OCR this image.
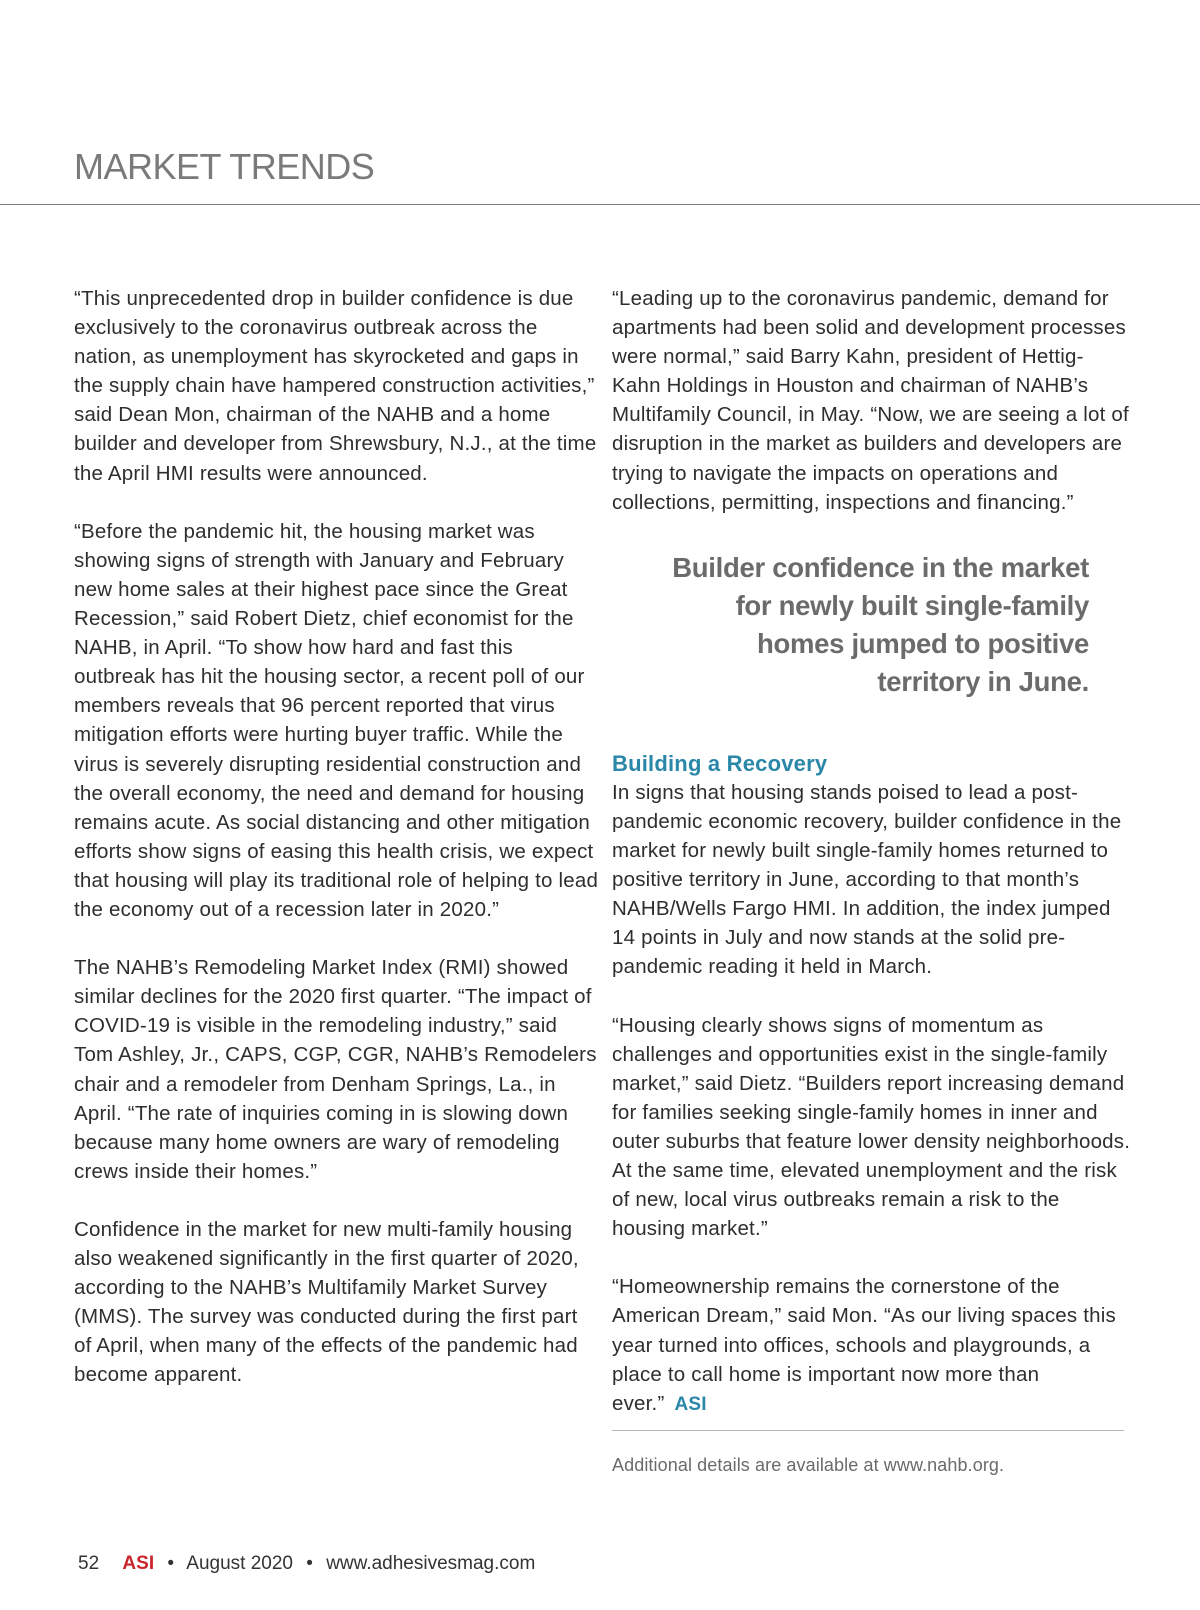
MARKET TRENDS

“This unprecedented drop in builder confidence is due exclusively to the coronavirus outbreak across the nation, as unemployment has skyrocketed and gaps in the supply chain have hampered construction activities,” said Dean Mon, chairman of the NAHB and a home builder and developer from Shrewsbury, N.J., at the time the April HMI results were announced.

“Before the pandemic hit, the housing market was showing signs of strength with January and February new home sales at their highest pace since the Great Recession,” said Robert Dietz, chief economist for the NAHB, in April. “To show how hard and fast this outbreak has hit the housing sector, a recent poll of our members reveals that 96 percent reported that virus mitigation efforts were hurting buyer traffic. While the virus is severely disrupting residential construction and the overall economy, the need and demand for housing remains acute. As social distancing and other mitigation efforts show signs of easing this health crisis, we expect that housing will play its traditional role of helping to lead the economy out of a recession later in 2020.”

The NAHB’s Remodeling Market Index (RMI) showed similar declines for the 2020 first quarter. “The impact of COVID-19 is visible in the remodeling industry,” said Tom Ashley, Jr., CAPS, CGP, CGR, NAHB’s Remodelers chair and a remodeler from Denham Springs, La., in April. “The rate of inquiries coming in is slowing down because many home owners are wary of remodeling crews inside their homes.”

Confidence in the market for new multi-family housing also weakened significantly in the first quarter of 2020, according to the NAHB’s Multifamily Market Survey (MMS). The survey was conducted during the first part of April, when many of the effects of the pandemic had become apparent.

“Leading up to the coronavirus pandemic, demand for apartments had been solid and development processes were normal,” said Barry Kahn, president of Hettig-Kahn Holdings in Houston and chairman of NAHB’s Multifamily Council, in May. “Now, we are seeing a lot of disruption in the market as builders and developers are trying to navigate the impacts on operations and collections, permitting, inspections and financing.”

Builder confidence in the market for newly built single-family homes jumped to positive territory in June.
Building a Recovery

In signs that housing stands poised to lead a post-pandemic economic recovery, builder confidence in the market for newly built single-family homes returned to positive territory in June, according to that month’s NAHB/Wells Fargo HMI. In addition, the index jumped 14 points in July and now stands at the solid pre-pandemic reading it held in March.

“Housing clearly shows signs of momentum as challenges and opportunities exist in the single-family market,” said Dietz. “Builders report increasing demand for families seeking single-family homes in inner and outer suburbs that feature lower density neighborhoods. At the same time, elevated unemployment and the risk of new, local virus outbreaks remain a risk to the housing market.”

“Homeownership remains the cornerstone of the American Dream,” said Mon. “As our living spaces this year turned into offices, schools and playgrounds, a place to call home is important now more than ever.” ASI

Additional details are available at www.nahb.org.
52 ASI • August 2020 • www.adhesivesmag.com
